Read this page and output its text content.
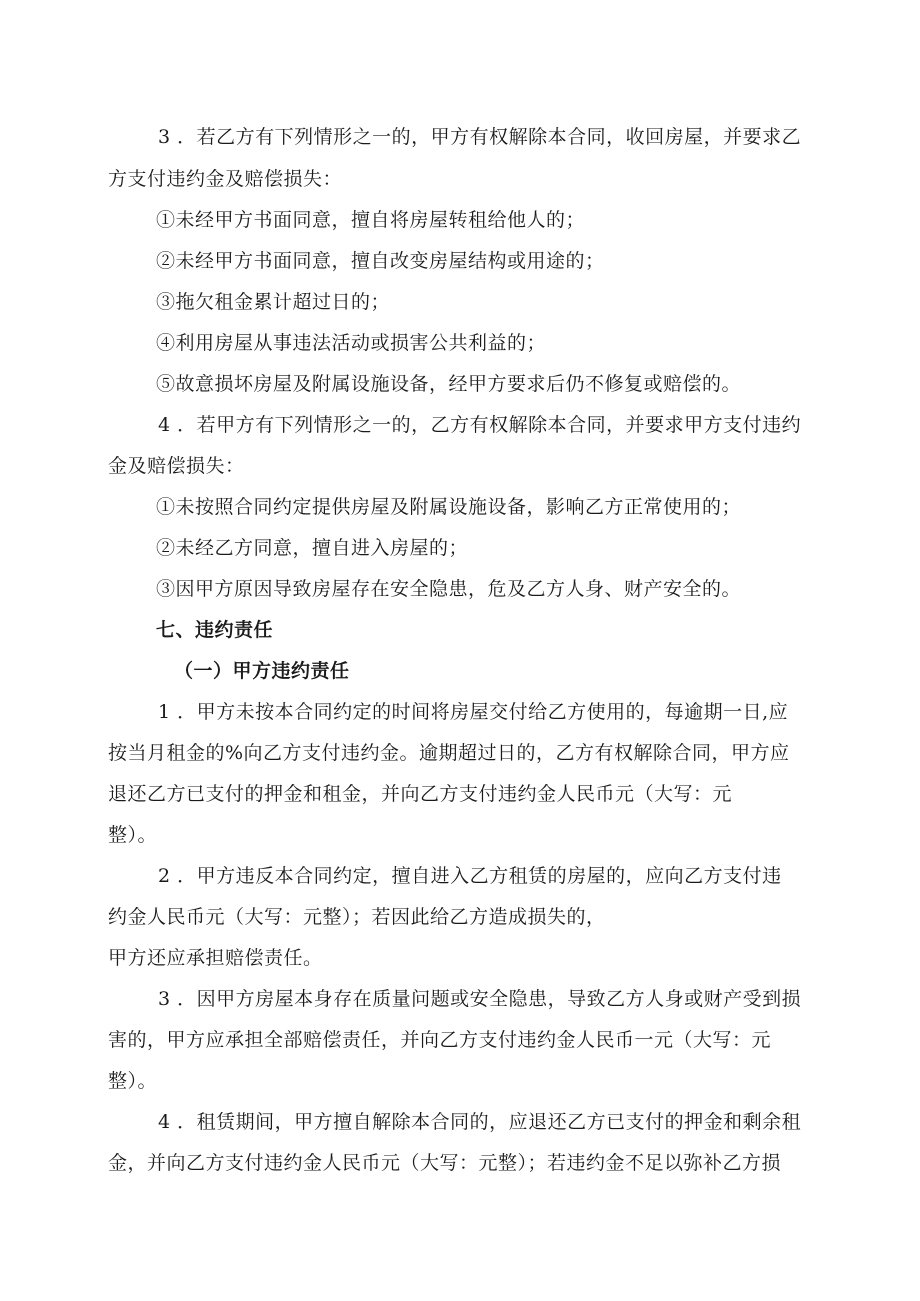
3 ．若乙方有下列情形之一的，甲方有权解除本合同，收回房屋，并要求乙
方支付违约金及赔偿损失：
①未经甲方书面同意，擅自将房屋转租给他人的；
②未经甲方书面同意，擅自改变房屋结构或用途的；
③拖欠租金累计超过日的；
④利用房屋从事违法活动或损害公共利益的；
⑤故意损坏房屋及附属设施设备，经甲方要求后仍不修复或赔偿的。
4 ．若甲方有下列情形之一的，乙方有权解除本合同，并要求甲方支付违约
金及赔偿损失：
①未按照合同约定提供房屋及附属设施设备，影响乙方正常使用的；
②未经乙方同意，擅自进入房屋的；
③因甲方原因导致房屋存在安全隐患，危及乙方人身、财产安全的。
七、违约责任
（一）甲方违约责任
1 ．甲方未按本合同约定的时间将房屋交付给乙方使用的，每逾期一日,应
按当月租金的%向乙方支付违约金。逾期超过日的，乙方有权解除合同，甲方应
退还乙方已支付的押金和租金，并向乙方支付违约金人民币元（大写：元
整）。
2 ．甲方违反本合同约定，擅自进入乙方租赁的房屋的，应向乙方支付违
约金人民币元（大写：元整）；若因此给乙方造成损失的，
甲方还应承担赔偿责任。
3 ．因甲方房屋本身存在质量问题或安全隐患，导致乙方人身或财产受到损
害的，甲方应承担全部赔偿责任，并向乙方支付违约金人民币一元（大写：元
整）。
4 ．租赁期间，甲方擅自解除本合同的，应退还乙方已支付的押金和剩余租
金，并向乙方支付违约金人民币元（大写：元整）；若违约金不足以弥补乙方损
